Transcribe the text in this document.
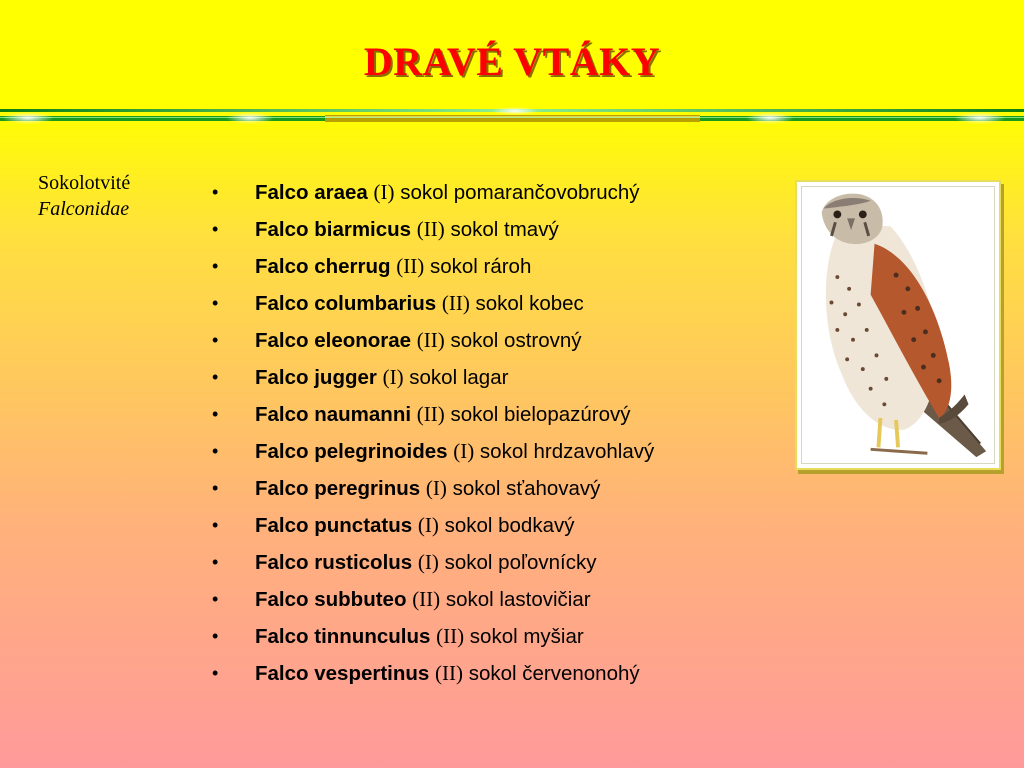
DRAVÉ VTÁKY
Sokolotvité
Falconidae
• Falco araea (I) sokol pomarančovobruchý
• Falco biarmicus (II) sokol tmavý
• Falco cherrug (II) sokol rároh
• Falco columbarius (II) sokol kobec
• Falco eleonorae (II) sokol ostrovný
• Falco jugger (I) sokol lagar
• Falco naumanni (II) sokol bielopazúrový
• Falco pelegrinoides (I) sokol hrdzavohlavý
• Falco peregrinus (I) sokol sťahovavý
• Falco punctatus (I) sokol bodkavý
• Falco rusticolus (I) sokol poľovnícky
• Falco subbuteo (II) sokol lastovičiar
• Falco tinnunculus (II) sokol myšiar
• Falco vespertinus (II) sokol červenonohý
